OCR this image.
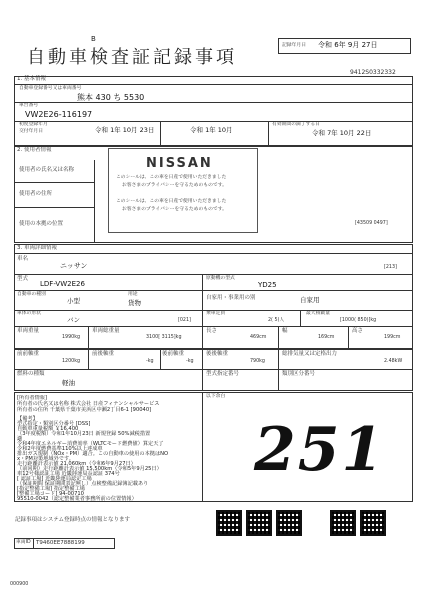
B
自動車検査証記録事項
記録年月日 令和 6年 9月 27日
9412S0332332
1. 基本情報
自動車登録番号又は車両番号
熊本 430 ち 5530
車台番号
VW2E26-116197
初度登録年月
令和 1年 10月
交付年月日	令和 1年 10月 23日
有効期間の満了する日
令和 7年 10月 22日
2. 使用者情報
使用者の氏名又は名称
使用者の住所
使用の本拠の位置	[43509 0497]
NISSAN
このシールは、この車を日産で使用いただきました
お客さまのプライバシーを守るためのものです。
このシールは、この車を日産で使用いただきました
お客さまのプライバシーを守るためのものです。
3. 車両詳細情報
車名
ニッサン	[213]
型式
LDF-VW2E26
原動機の型式
YD25
自動車の種別
小型
用途
貨物
自家用・事業用の別	自家用
車体の形状
バン	[021]
乗車定員
2( 5)人
最大積載量
[1000( 850)]kg
車両重量
1990kg
車両総重量
3100[ 3115]kg
長さ
469cm
幅
169cm
高さ
199cm
前前軸重
1200kg
前後軸重
-kg
後前軸重
-kg
後後軸重
790kg
総排気量又は定格出力
2.48kW
燃料の種類
軽油
型式指定番号	類別区分番号
以下余白
251
[所有者情報]
所有者の氏名又は名称 株式会社 日産フィナンシャルサービス
所有者の住所 千葉県千葉市美浜区中瀬2丁目6-1 [90040]
【備考】
型式指定・類別区分番号 [DSS]
自動車重量税額 ￥16,400
（3年度税額）令和1年10月23日 新規登録 50%減税措置
適
令和4年度エネルギー消費効率（WLTCモード燃費値）算定天了
令和2年度燃費基準110%以上達成車
排出ガス規制（NOx・PM）適合。この自動車の使用の本拠はNO
x・PM対策地域外です。
走行距離計表示値 21,060km（令和6年9月27日）
（前回期）走行距離計表示値 15,500km（令和5年9月25日）
車12号様認証工場 近畿陸運局長認証 374号
[ 認証工場] 近畿陸運局認定工場
（保証期間 保証期間表記無し）点検整備記録簿記載あり
[指定整備工場] 指定整備工場
[整備工場コード] 94-00710
95510-0042（認定整備業者事務所前の位置情報）
記録事項はシステム登録時点の情報となります
車両ID T9460EE7888199
000900
